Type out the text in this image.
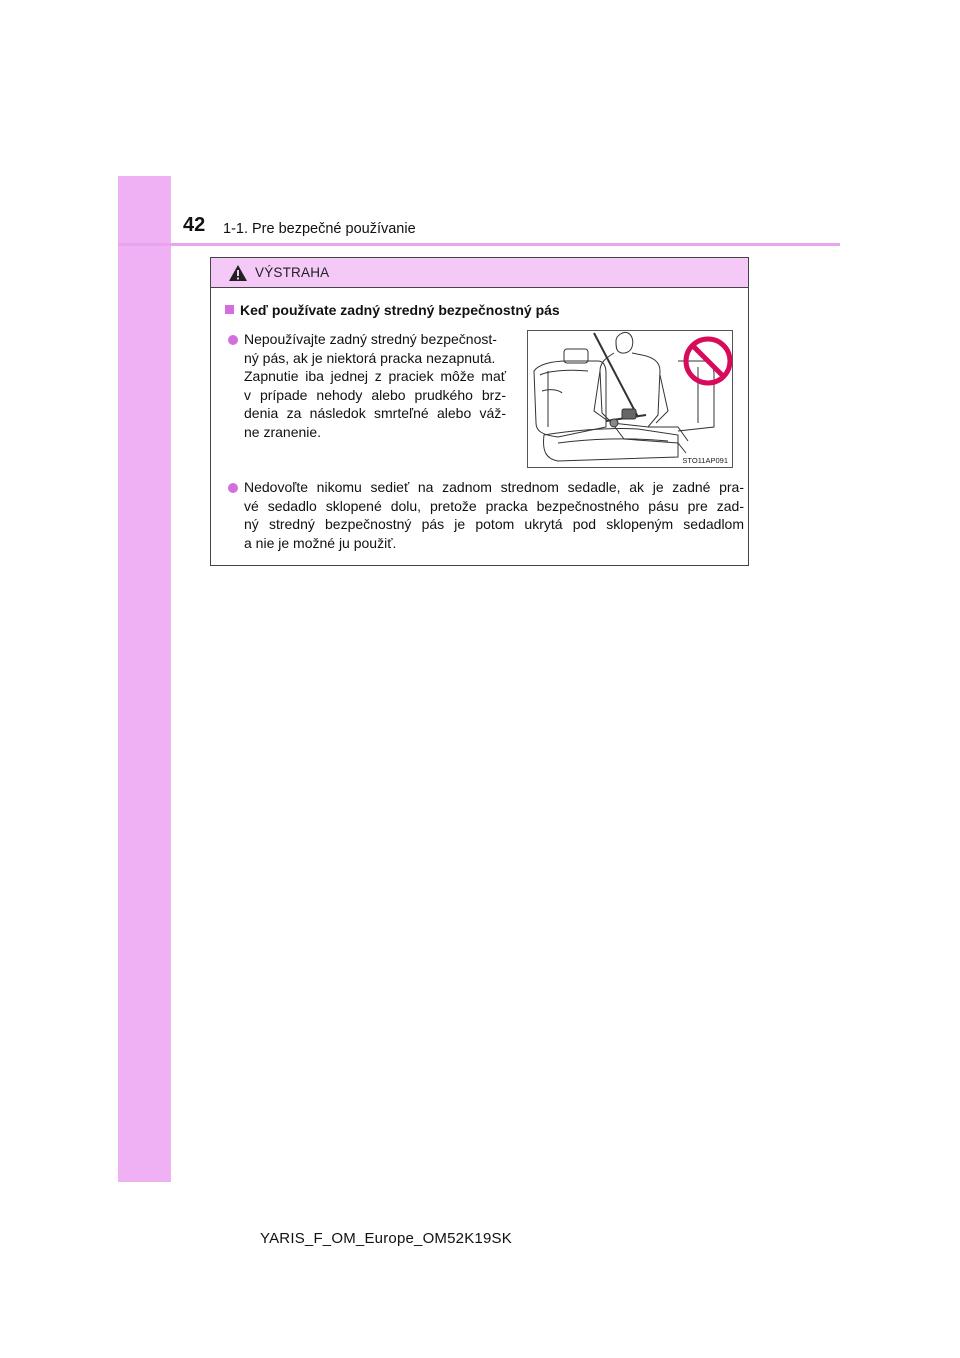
42 1-1. Pre bezpečné používanie
VÝSTRAHA
Keď používate zadný stredný bezpečnostný pás
Nepoužívajte zadný stredný bezpečnost-
ný pás, ak je niektorá pracka nezapnutá.
Zapnutie iba jednej z praciek môže mať
v prípade nehody alebo prudkého brz-
denia za následok smrteľné alebo váž-
ne zranenie.
STO11AP091
Nedovoľte nikomu sedieť na zadnom strednom sedadle, ak je zadné pra-
vé sedadlo sklopené dolu, pretože pracka bezpečnostného pásu pre zad-
ný stredný bezpečnostný pás je potom ukrytá pod sklopeným sedadlom
a nie je možné ju použiť.
YARIS_F_OM_Europe_OM52K19SK
